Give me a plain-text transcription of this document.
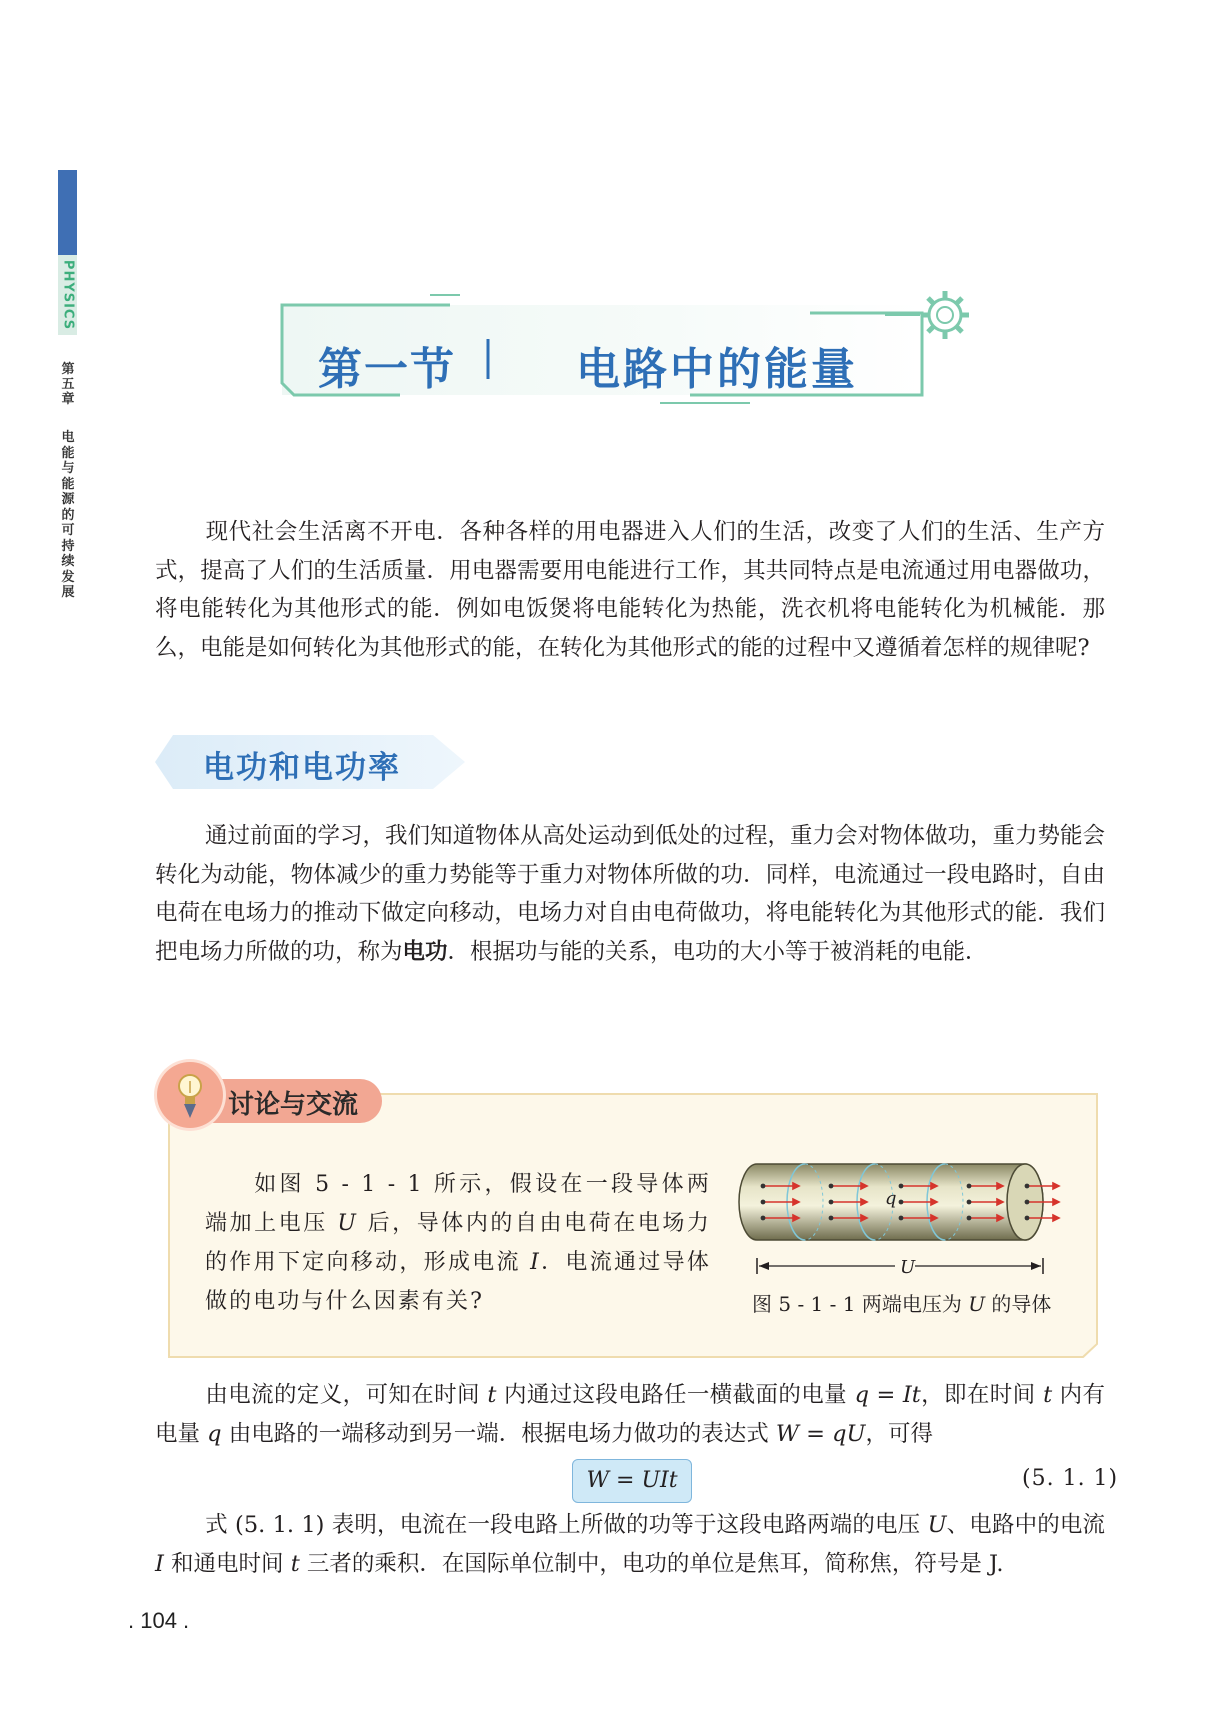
PHYSICS
第五章
电能与能源的可持续发展
第一节	电路中的能量

现代社会生活离不开电．各种各样的用电器进入人们的生活，改变了人们的生活、生产方式，提高了人们的生活质量．用电器需要用电能进行工作，其共同特点是电流通过用电器做功，将电能转化为其他形式的能．例如电饭煲将电能转化为热能，洗衣机将电能转化为机械能．那么，电能是如何转化为其他形式的能，在转化为其他形式的能的过程中又遵循着怎样的规律呢?

电功和电功率

通过前面的学习，我们知道物体从高处运动到低处的过程，重力会对物体做功，重力势能会转化为动能，物体减少的重力势能等于重力对物体所做的功．同样，电流通过一段电路时，自由电荷在电场力的推动下做定向移动，电场力对自由电荷做功，将电能转化为其他形式的能．我们把电场力所做的功，称为电功．根据功与能的关系，电功的大小等于被消耗的电能．

讨论与交流

如图 5 - 1 - 1 所示，假设在一段导体两端加上电压 U 后，导体内的自由电荷在电场力的作用下定向移动，形成电流 I．电流通过导体做的电功与什么因素有关?

q
U
图 5 - 1 - 1 两端电压为 U 的导体

由电流的定义，可知在时间 t 内通过这段电路任一横截面的电量 q = It，即在时间 t 内有电量 q 由电路的一端移动到另一端．根据电场力做功的表达式 W = qU，可得

W = UIt	(5. 1. 1)

式 (5. 1. 1) 表明，电流在一段电路上所做的功等于这段电路两端的电压 U、电路中的电流 I 和通电时间 t 三者的乘积．在国际单位制中，电功的单位是焦耳，简称焦，符号是 J.

. 104 .
